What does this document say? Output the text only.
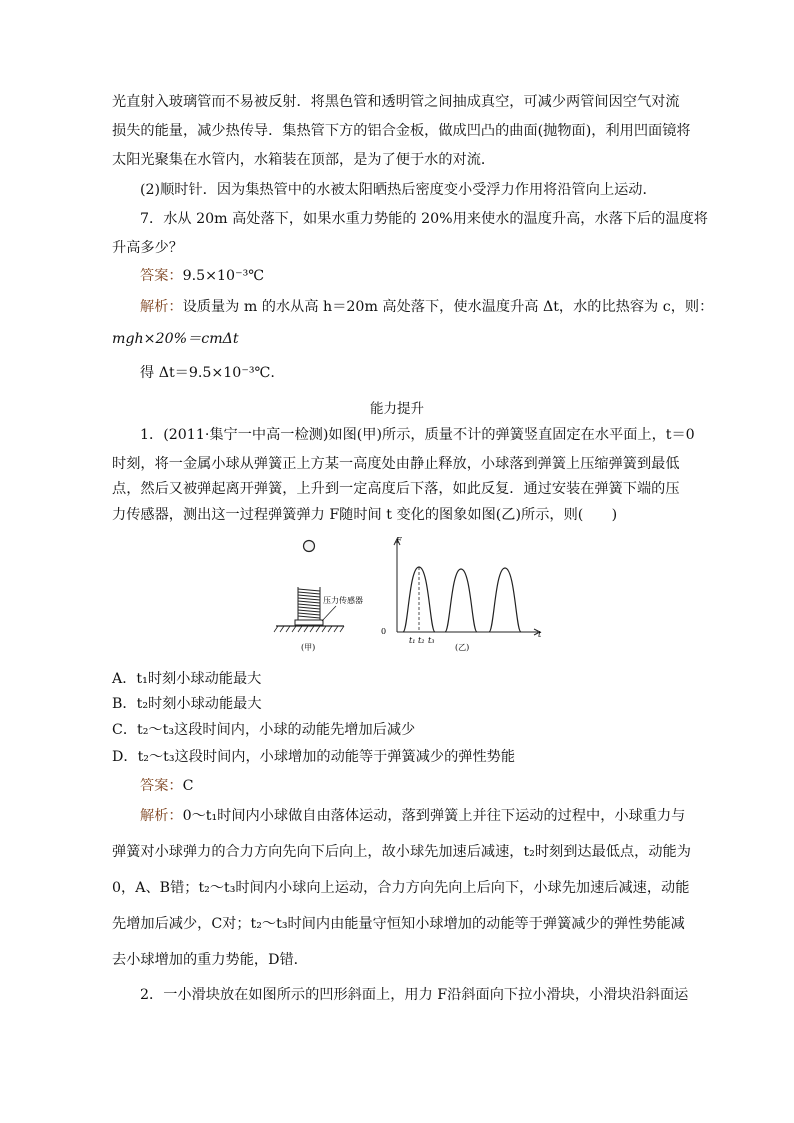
光直射入玻璃管而不易被反射．将黑色管和透明管之间抽成真空，可减少两管间因空气对流
损失的能量，减少热传导．集热管下方的铝合金板，做成凹凸的曲面(抛物面)，利用凹面镜将
太阳光聚集在水管内，水箱装在顶部，是为了便于水的对流．
(2)顺时针．因为集热管中的水被太阳晒热后密度变小受浮力作用将沿管向上运动．
7．水从 20m 高处落下，如果水重力势能的 20%用来使水的温度升高，水落下后的温度将
升高多少？
答案：9.5×10⁻³℃
解析：设质量为 m 的水从高 h＝20m 高处落下，使水温度升高 Δt，水的比热容为 c，则：
mgh×20%＝cmΔt
得 Δt＝9.5×10⁻³℃.
能力提升
1．(2011·集宁一中高一检测)如图(甲)所示，质量不计的弹簧竖直固定在水平面上，t＝0
时刻，将一金属小球从弹簧正上方某一高度处由静止释放，小球落到弹簧上压缩弹簧到最低
点，然后又被弹起离开弹簧，上升到一定高度后下落，如此反复．通过安装在弹簧下端的压
力传感器，测出这一过程弹簧弹力 F随时间 t 变化的图象如图(乙)所示，则(　　)
压力传感器
(甲)
F
t
0
t₁ t₂ t₃
(乙)
A．t₁时刻小球动能最大
B．t₂时刻小球动能最大
C．t₂～t₃这段时间内，小球的动能先增加后减少
D．t₂～t₃这段时间内，小球增加的动能等于弹簧减少的弹性势能
答案：C
解析：0～t₁时间内小球做自由落体运动，落到弹簧上并往下运动的过程中，小球重力与
弹簧对小球弹力的合力方向先向下后向上，故小球先加速后减速，t₂时刻到达最低点，动能为
0，A、B错；t₂～t₃时间内小球向上运动，合力方向先向上后向下，小球先加速后减速，动能
先增加后减少，C对；t₂～t₃时间内由能量守恒知小球增加的动能等于弹簧减少的弹性势能减
去小球增加的重力势能，D错．
2．一小滑块放在如图所示的凹形斜面上，用力 F沿斜面向下拉小滑块，小滑块沿斜面运
